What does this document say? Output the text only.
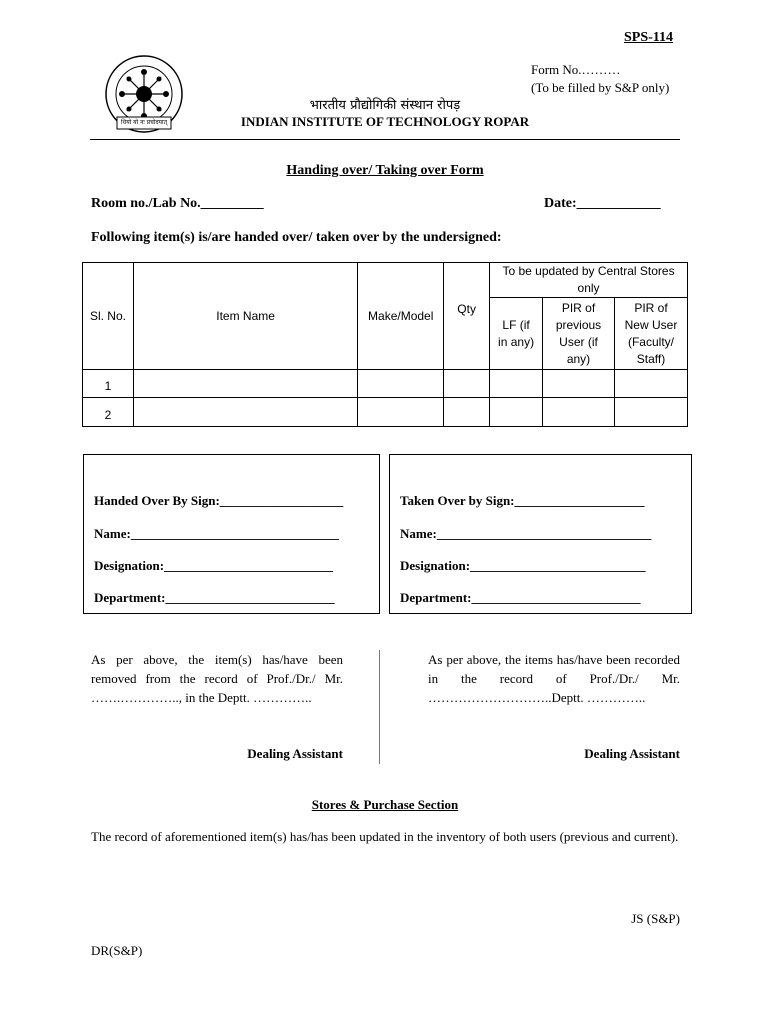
SPS-114
धियो यो नः प्रचोदयात्
Form No.………
(To be filled by S&P only)
भारतीय प्रौद्योगिकी संस्थान रोपड़
INDIAN INSTITUTE OF TECHNOLOGY ROPAR
Handing over/ Taking over Form
Room no./Lab No._________	Date:____________
Following item(s) is/are handed over/ taken over by the undersigned:
Sl. No.	Item Name	Make/Model	Qty	To be updated by Central Stores only		
				LF (if in any)	PIR of previous User (if any)	PIR of New User (Faculty/ Staff)
1						
2						
Handed Over By Sign:___________________
Name:________________________________
Designation:__________________________
Department:__________________________
Taken Over by Sign:____________________
Name:_________________________________
Designation:___________________________
Department:__________________________
As per above, the item(s) has/have been removed from the record of Prof./Dr./ Mr. …….………….., in the Deptt. …………..
As per above, the items has/have been recorded in the record of Prof./Dr./ Mr. ………………………..Deptt. …………..
Dealing Assistant	Dealing Assistant
Stores & Purchase Section
The record of aforementioned item(s) has/has been updated in the inventory of both users (previous and current).
JS (S&P)
DR(S&P)
